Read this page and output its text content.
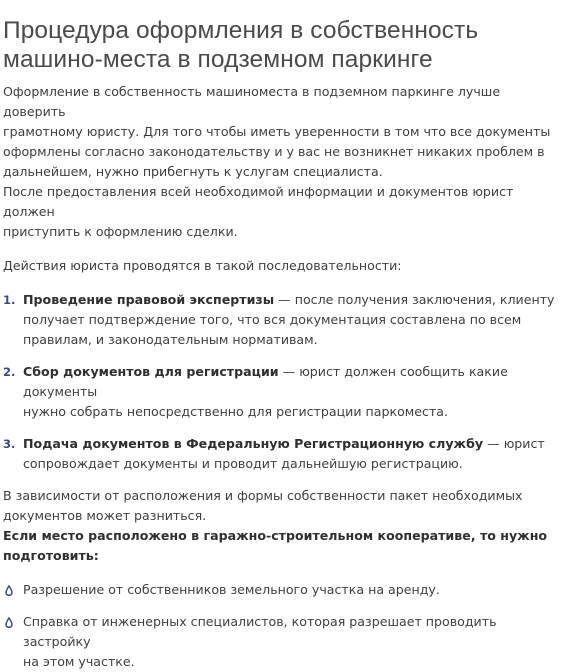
Процедура оформления в собственность
машино-места в подземном паркинге

Оформление в собственность машиноместа в подземном паркинге лучше доверить
грамотному юристу. Для того чтобы иметь уверенности в том что все документы
оформлены согласно законодательству и у вас не возникнет никаких проблем в
дальнейшем, нужно прибегнуть к услугам специалиста.
После предоставления всей необходимой информации и документов юрист должен
приступить к оформлению сделки.

Действия юриста проводятся в такой последовательности:

1. Проведение правовой экспертизы — после получения заключения, клиенту
получает подтверждение того, что вся документация составлена по всем
правилам, и законодательным нормативам.
2. Сбор документов для регистрации — юрист должен сообщить какие документы
нужно собрать непосредственно для регистрации паркоместа.
3. Подача документов в Федеральную Регистрационную службу — юрист
сопровождает документы и проводит дальнейшую регистрацию.

В зависимости от расположения и формы собственности пакет необходимых
документов может разниться.

Если место расположено в гаражно-строительном кооперативе, то нужно
подготовить:

Разрешение от собственников земельного участка на аренду.
Справка от инженерных специалистов, которая разрешает проводить застройку
на этом участке.
